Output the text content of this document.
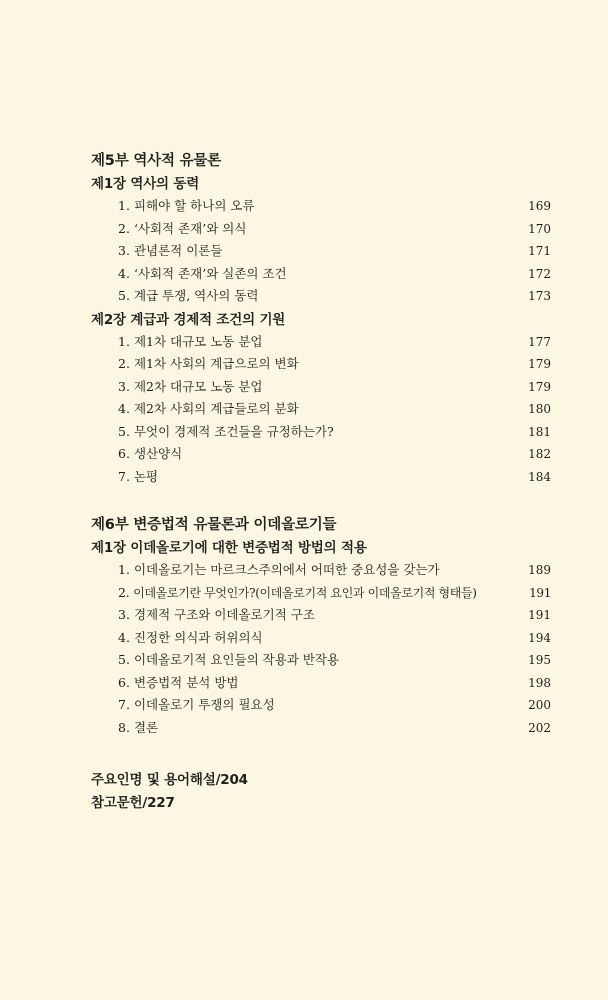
제5부 역사적 유물론
제1장 역사의 동력
1. 피해야 할 하나의 오류	169
2. ‘사회적 존재’와 의식	170
3. 관념론적 이론들	171
4. ‘사회적 존재’와 실존의 조건	172
5. 계급 투쟁, 역사의 동력	173
제2장 계급과 경제적 조건의 기원
1. 제1차 대규모 노동 분업	177
2. 제1차 사회의 계급으로의 변화	179
3. 제2차 대규모 노동 분업	179
4. 제2차 사회의 계급들로의 분화	180
5. 무엇이 경제적 조건들을 규정하는가?	181
6. 생산양식	182
7. 논평	184
제6부 변증법적 유물론과 이데올로기들
제1장 이데올로기에 대한 변증법적 방법의 적용
1. 이데올로기는 마르크스주의에서 어떠한 중요성을 갖는가	189
2. 이데올로기란 무엇인가?(이데올로기적 요인과 이데올로기적 형태들)	191
3. 경제적 구조와 이데올로기적 구조	191
4. 진정한 의식과 허위의식	194
5. 이데올로기적 요인들의 작용과 반작용	195
6. 변증법적 분석 방법	198
7. 이데올로기 투쟁의 필요성	200
8. 결론	202
주요인명 및 용어해설/204
참고문헌/227
